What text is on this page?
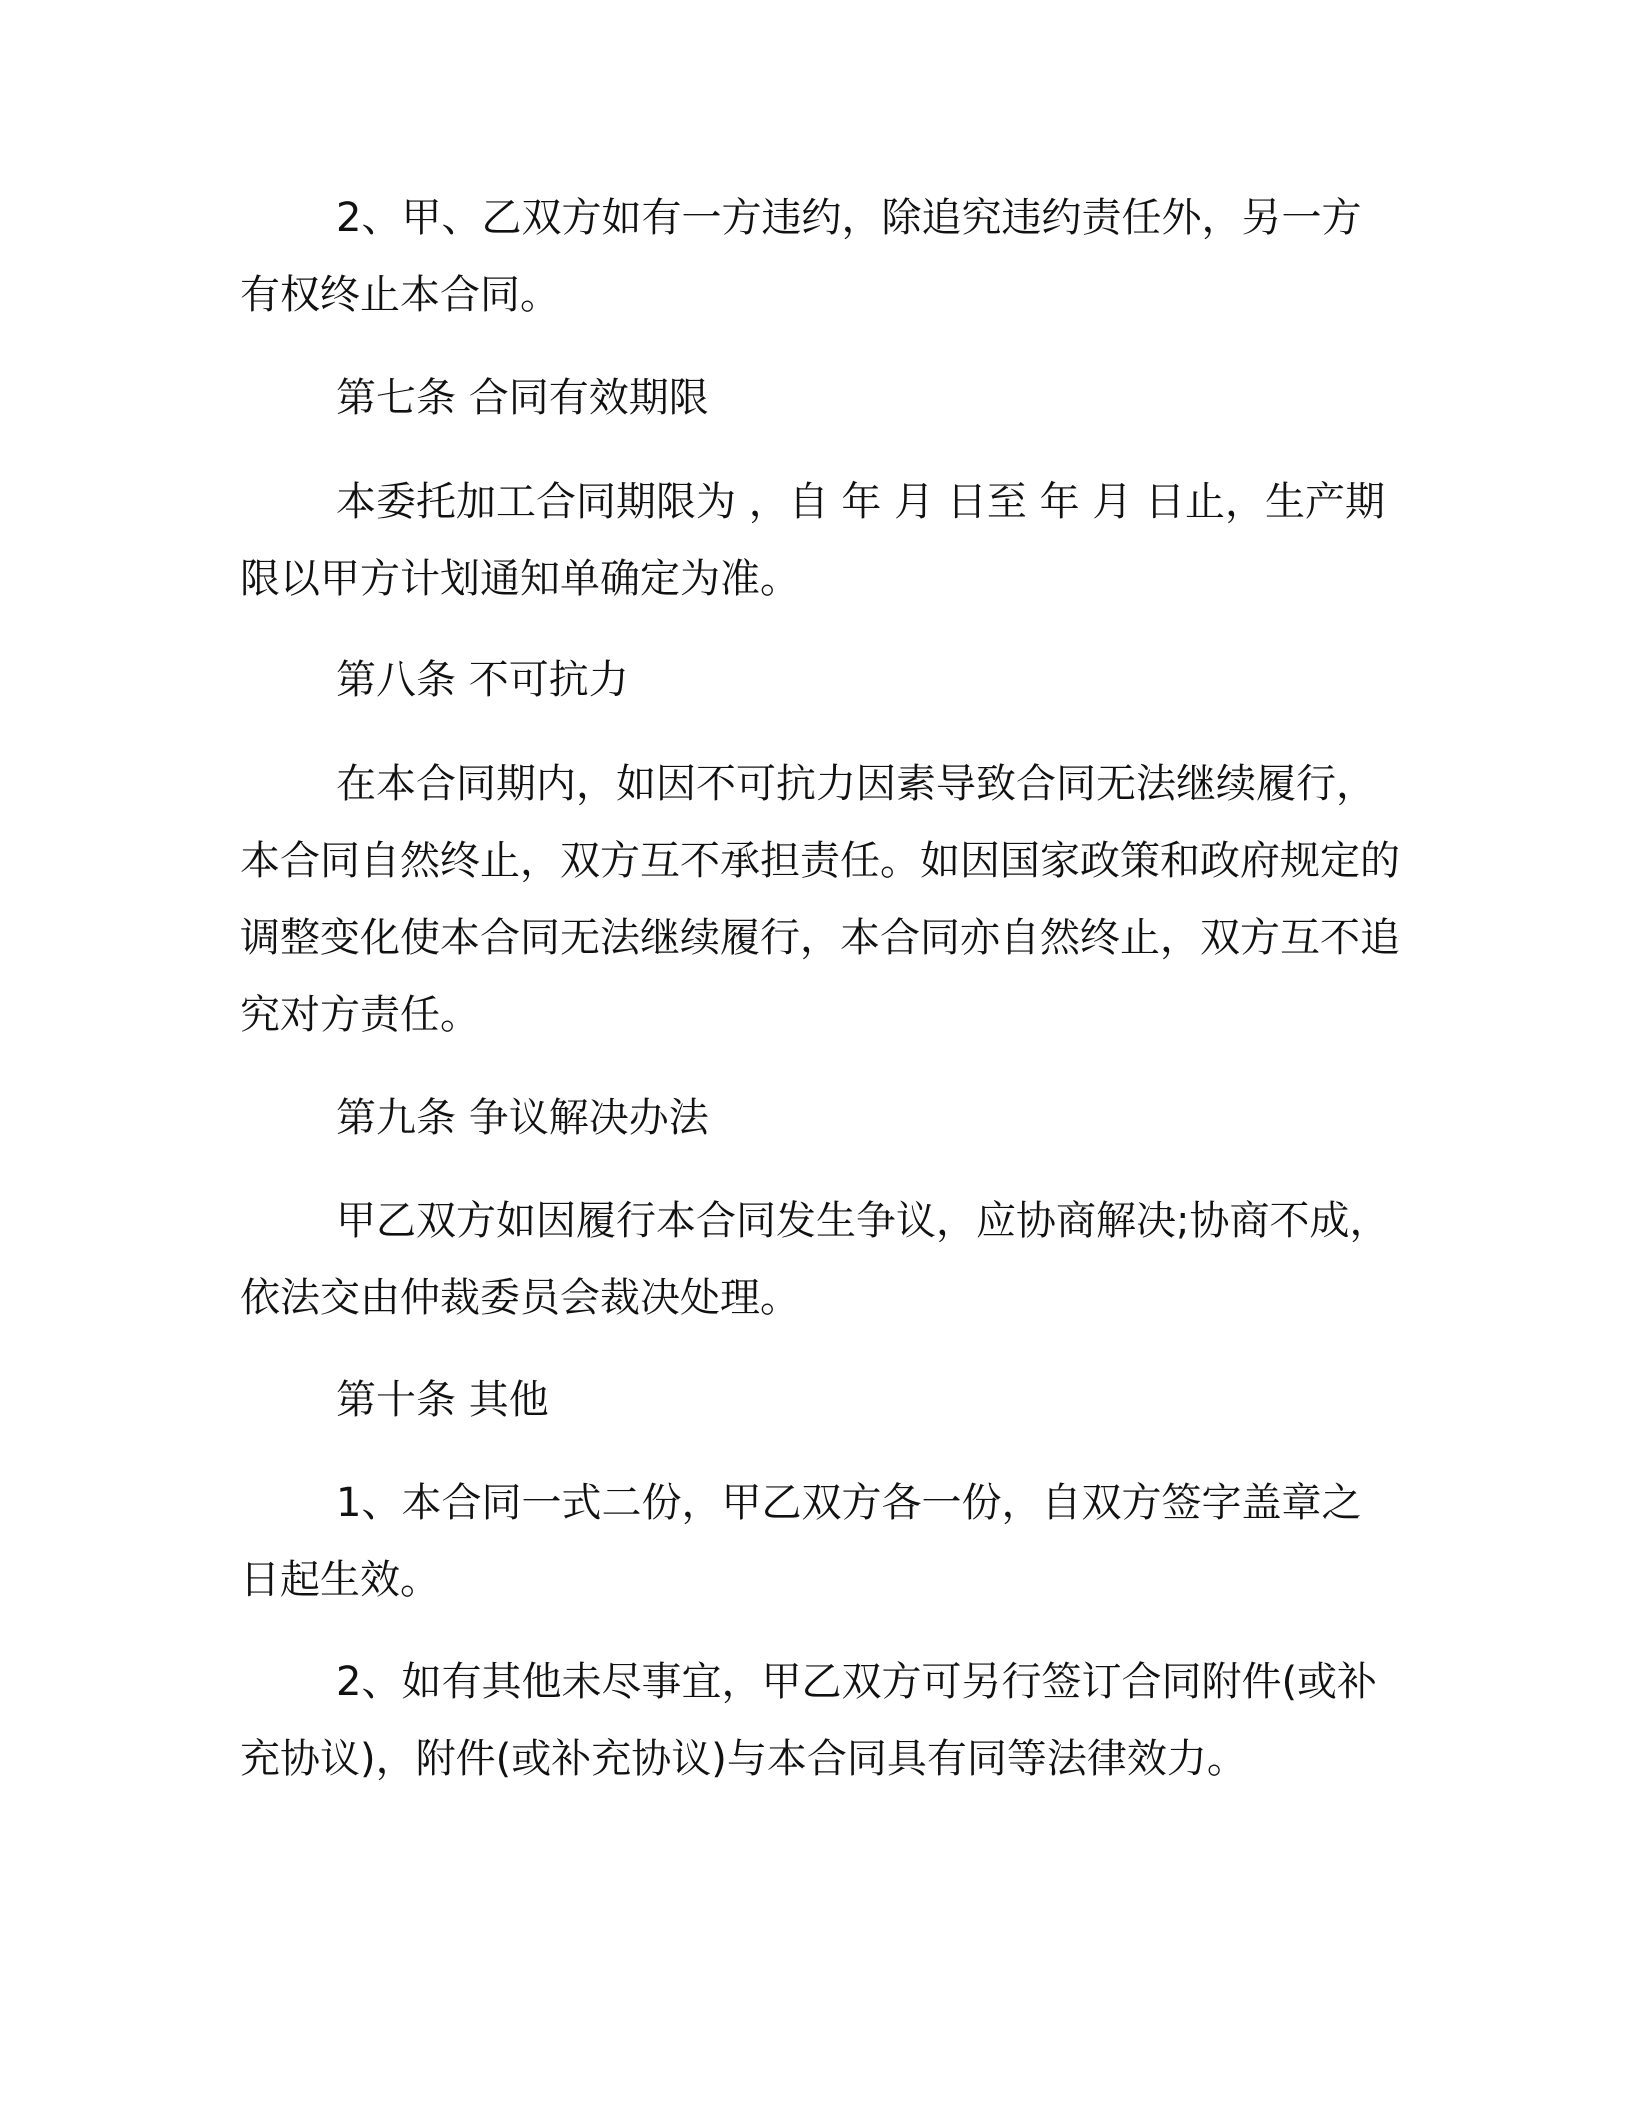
2、甲、乙双方如有一方违约，除追究违约责任外，另一方有权终止本合同。

第七条 合同有效期限

本委托加工合同期限为 ，自 年 月 日至 年 月 日止，生产期限以甲方计划通知单确定为准。

第八条 不可抗力

在本合同期内，如因不可抗力因素导致合同无法继续履行，本合同自然终止，双方互不承担责任。如因国家政策和政府规定的调整变化使本合同无法继续履行，本合同亦自然终止，双方互不追究对方责任。

第九条 争议解决办法

甲乙双方如因履行本合同发生争议，应协商解决;协商不成，依法交由仲裁委员会裁决处理。

第十条 其他

1、本合同一式二份，甲乙双方各一份，自双方签字盖章之日起生效。

2、如有其他未尽事宜，甲乙双方可另行签订合同附件(或补充协议)，附件(或补充协议)与本合同具有同等法律效力。
